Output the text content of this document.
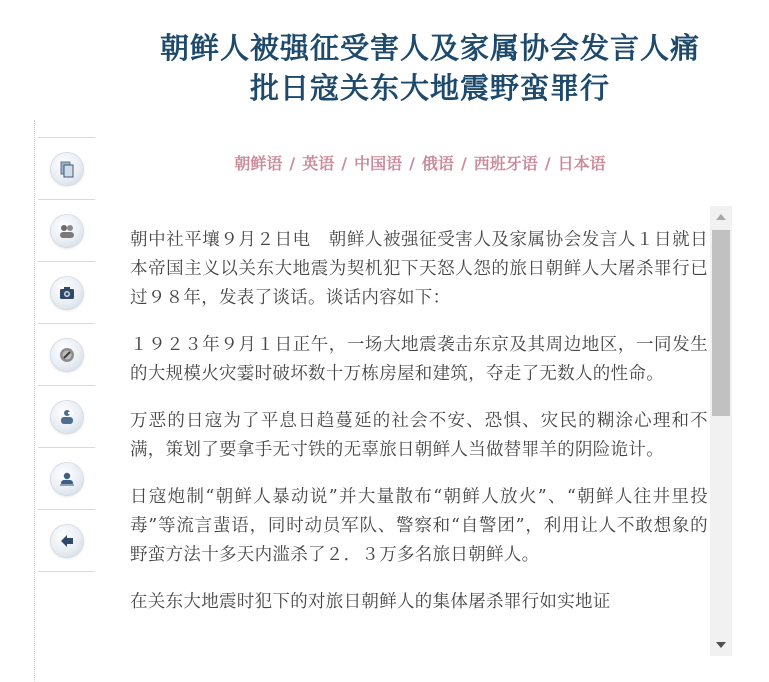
朝鲜人被强征受害人及家属协会发言人痛
批日寇关东大地震野蛮罪行
朝鲜语 / 英语 / 中国语 / 俄语 / 西班牙语 / 日本语

朝中社平壤９月２日电　朝鲜人被强征受害人及家属协会发言人１日就日本帝国主义以关东大地震为契机犯下天怒人怨的旅日朝鲜人大屠杀罪行已过９８年，发表了谈话。谈话内容如下：

１９２３年９月１日正午，一场大地震袭击东京及其周边地区，一同发生的大规模火灾霎时破坏数十万栋房屋和建筑，夺走了无数人的性命。

万恶的日寇为了平息日趋蔓延的社会不安、恐惧、灾民的糊涂心理和不满，策划了要拿手无寸铁的无辜旅日朝鲜人当做替罪羊的阴险诡计。

日寇炮制“朝鲜人暴动说”并大量散布“朝鲜人放火”、“朝鲜人往井里投毒”等流言蜚语，同时动员军队、警察和“自警团”，利用让人不敢想象的野蛮方法十多天内滥杀了２．３万多名旅日朝鲜人。

在关东大地震时犯下的对旅日朝鲜人的集体屠杀罪行如实地证
